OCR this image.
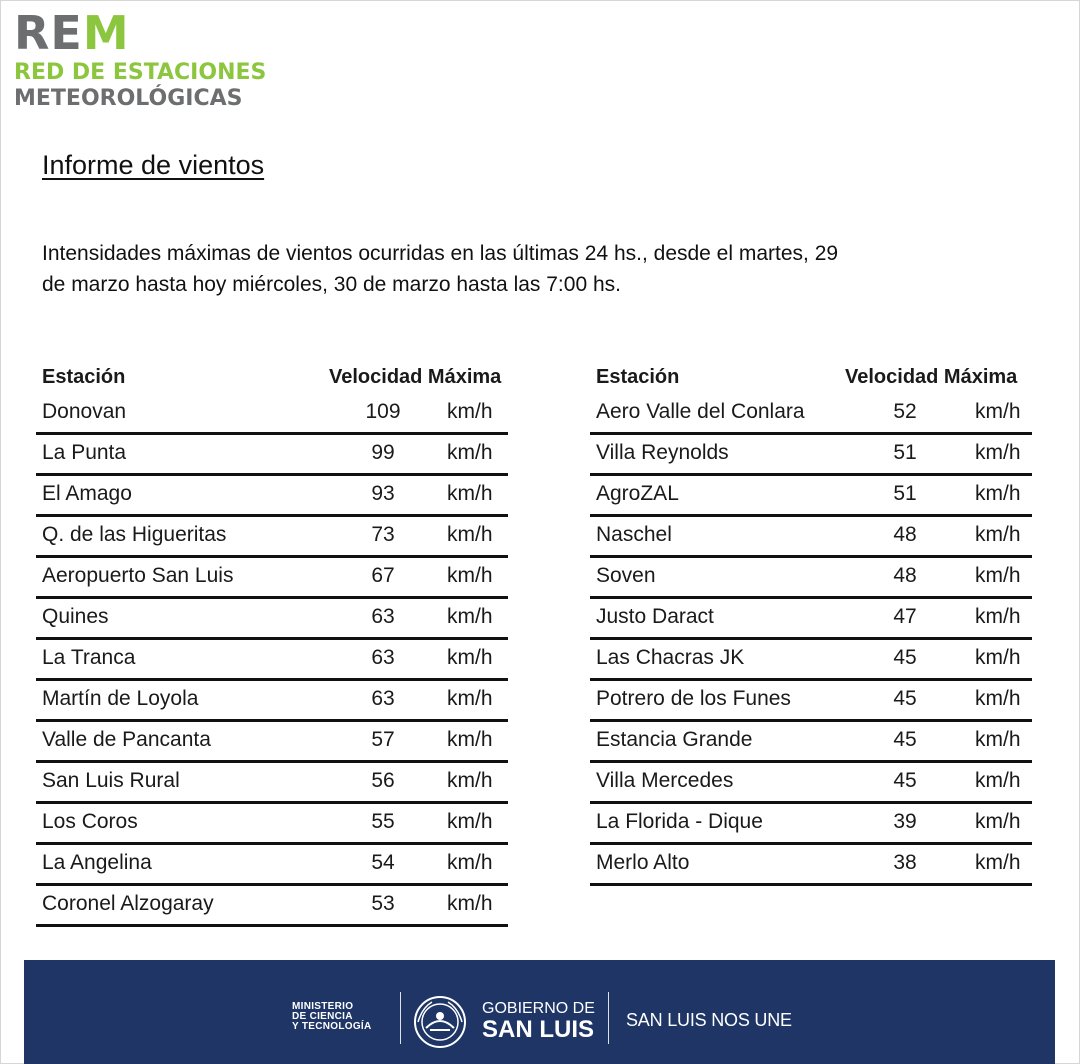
REM
RED DE ESTACIONES
METEOROLÓGICAS
Informe de vientos
Intensidades máximas de vientos ocurridas en las últimas 24 hs., desde el martes, 29
de marzo hasta hoy miércoles, 30 de marzo hasta las 7:00 hs.
Estación	Velocidad Máxima
Donovan	109	km/h
La Punta	99	km/h
El Amago	93	km/h
Q. de las Higueritas	73	km/h
Aeropuerto San Luis	67	km/h
Quines	63	km/h
La Tranca	63	km/h
Martín de Loyola	63	km/h
Valle de Pancanta	57	km/h
San Luis Rural	56	km/h
Los Coros	55	km/h
La Angelina	54	km/h
Coronel Alzogaray	53	km/h
Estación	Velocidad Máxima
Aero Valle del Conlara	52	km/h
Villa Reynolds	51	km/h
AgroZAL	51	km/h
Naschel	48	km/h
Soven	48	km/h
Justo Daract	47	km/h
Las Chacras JK	45	km/h
Potrero de los Funes	45	km/h
Estancia Grande	45	km/h
Villa Mercedes	45	km/h
La Florida - Dique	39	km/h
Merlo Alto	38	km/h
MINISTERIO
DE CIENCIA
Y TECNOLOGÍA
GOBIERNO DE
SAN LUIS SAN LUIS NOS UNE
